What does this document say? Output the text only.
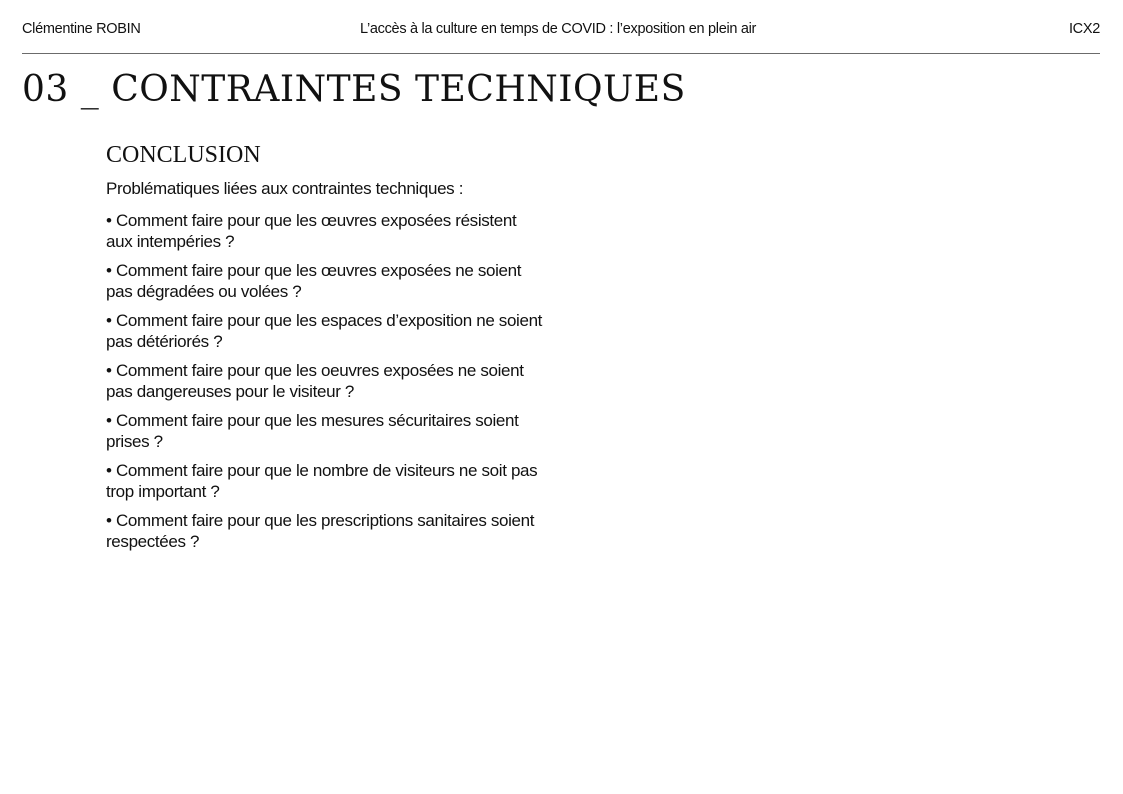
Clémentine ROBIN	L’accès à la culture en temps de COVID : l’exposition en plein air	ICX2
03 _ CONTRAINTES TECHNIQUES
CONCLUSION

Problématiques liées aux contraintes techniques :

• Comment faire pour que les œuvres exposées résistent aux intempéries ?
• Comment faire pour que les œuvres exposées ne soient pas dégradées ou volées ?
• Comment faire pour que les espaces d’exposition ne soient pas détériorés ?
• Comment faire pour que les oeuvres exposées ne soient pas dangereuses pour le visiteur ?
• Comment faire pour que les mesures sécuritaires soient prises ?
• Comment faire pour que le nombre de visiteurs ne soit pas trop important ?
• Comment faire pour que les prescriptions sanitaires soient respectées ?
